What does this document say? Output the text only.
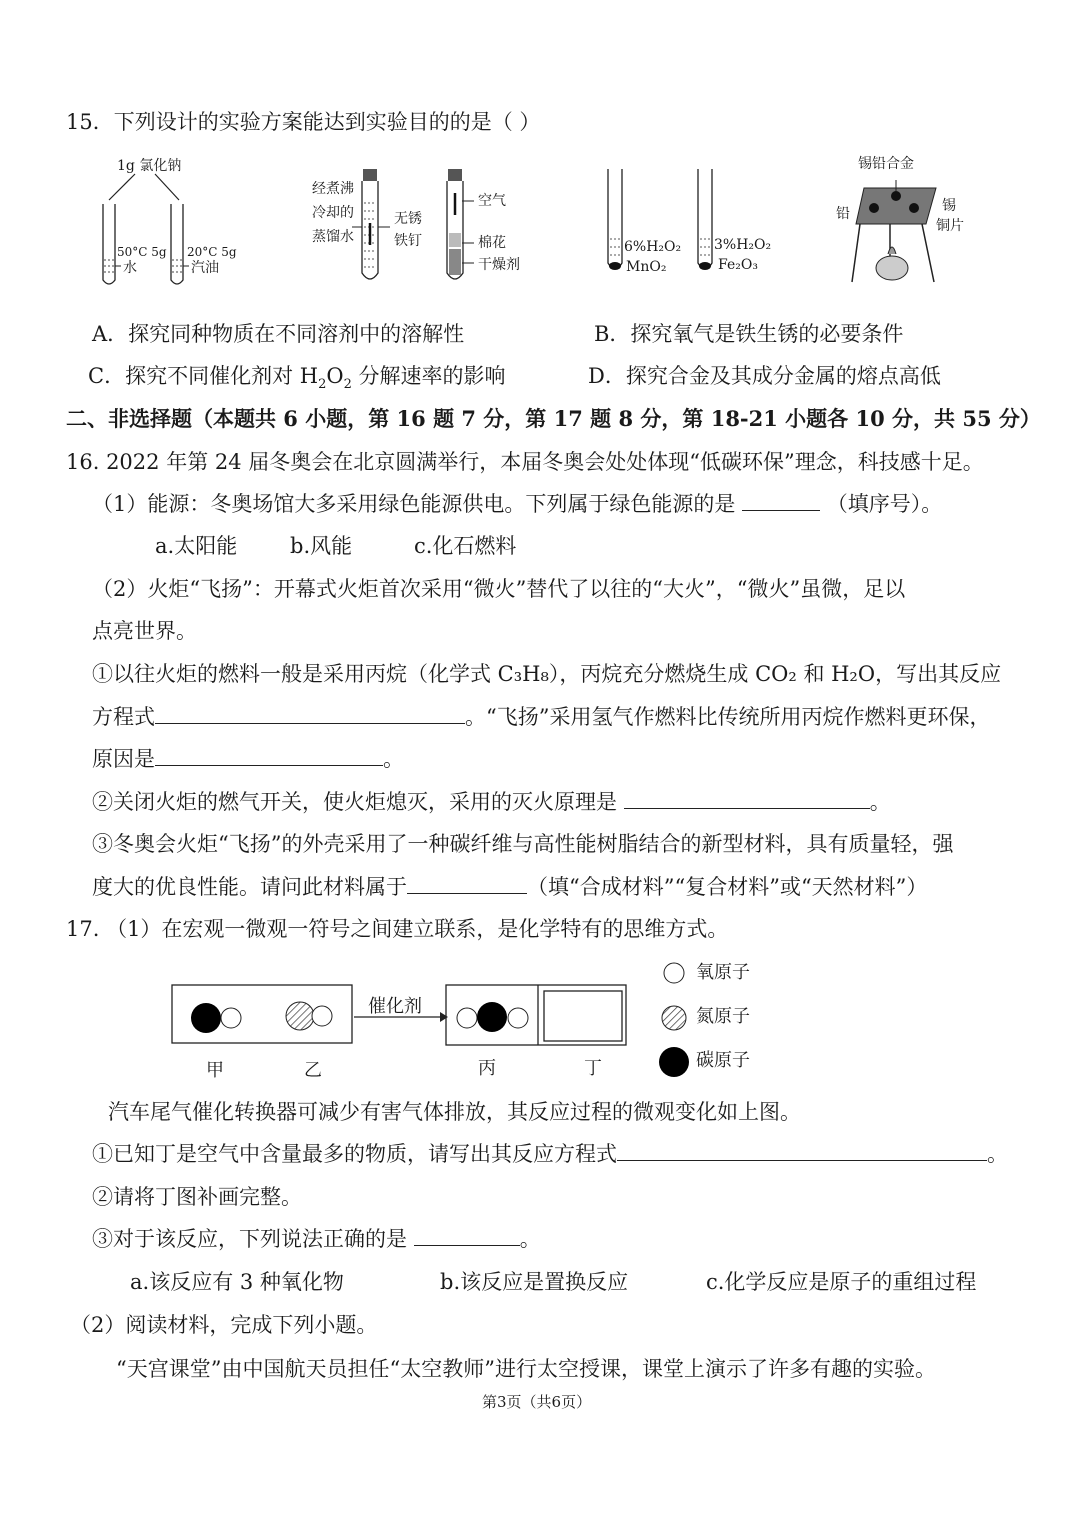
15．下列设计的实验方案能达到实验目的的是（ ）
1g 氯化钠
50°C 5g
水
20°C 5g
汽油
经煮沸
冷却的
蒸馏水
无锈
铁钉
空气
棉花
干燥剂
6%H₂O₂
MnO₂
3%H₂O₂
Fe₂O₃
锡铅合金
铅	锡
铜片
A．探究同种物质在不同溶剂中的溶解性	B．探究氧气是铁生锈的必要条件
C．探究不同催化剂对 $H_2O_2$ 分解速率的影响	D．探究合金及其成分金属的熔点高低
二、非选择题（本题共 6 小题，第 16 题 7 分，第 17 题 8 分，第 18-21 小题各 10 分，共 55 分）
16. 2022 年第 24 届冬奥会在北京圆满举行，本届冬奥会处处体现“低碳环保”理念，科技感十足。
（1）能源：冬奥场馆大多采用绿色能源供电。下列属于绿色能源的是	（填序号）。
a.太阳能	b.风能	c.化石燃料
（2）火炬“飞扬”：开幕式火炬首次采用“微火”替代了以往的“大火”，“微火”虽微，足以
点亮世界。
①以往火炬的燃料一般是采用丙烷（化学式 C₃H₈），丙烷充分燃烧生成 CO₂ 和 H₂O，写出其反应
方程式	。“飞扬”采用氢气作燃料比传统所用丙烷作燃料更环保，
原因是	。
②关闭火炬的燃气开关，使火炬熄灭，采用的灭火原理是	。
③冬奥会火炬“飞扬”的外壳采用了一种碳纤维与高性能树脂结合的新型材料，具有质量轻，强
度大的优良性能。请问此材料属于	（填“合成材料”“复合材料”或“天然材料”）
17. （1）在宏观一微观一符号之间建立联系，是化学特有的思维方式。
催化剂
甲	乙	丙	丁
氧原子
氮原子
碳原子
汽车尾气催化转换器可减少有害气体排放，其反应过程的微观变化如上图。
①已知丁是空气中含量最多的物质，请写出其反应方程式	。
②请将丁图补画完整。
③对于该反应，下列说法正确的是	。
a.该反应有 3 种氧化物	b.该反应是置换反应	c.化学反应是原子的重组过程
（2）阅读材料，完成下列小题。
“天宫课堂”由中国航天员担任“太空教师”进行太空授课，课堂上演示了许多有趣的实验。
第3页（共6页）
